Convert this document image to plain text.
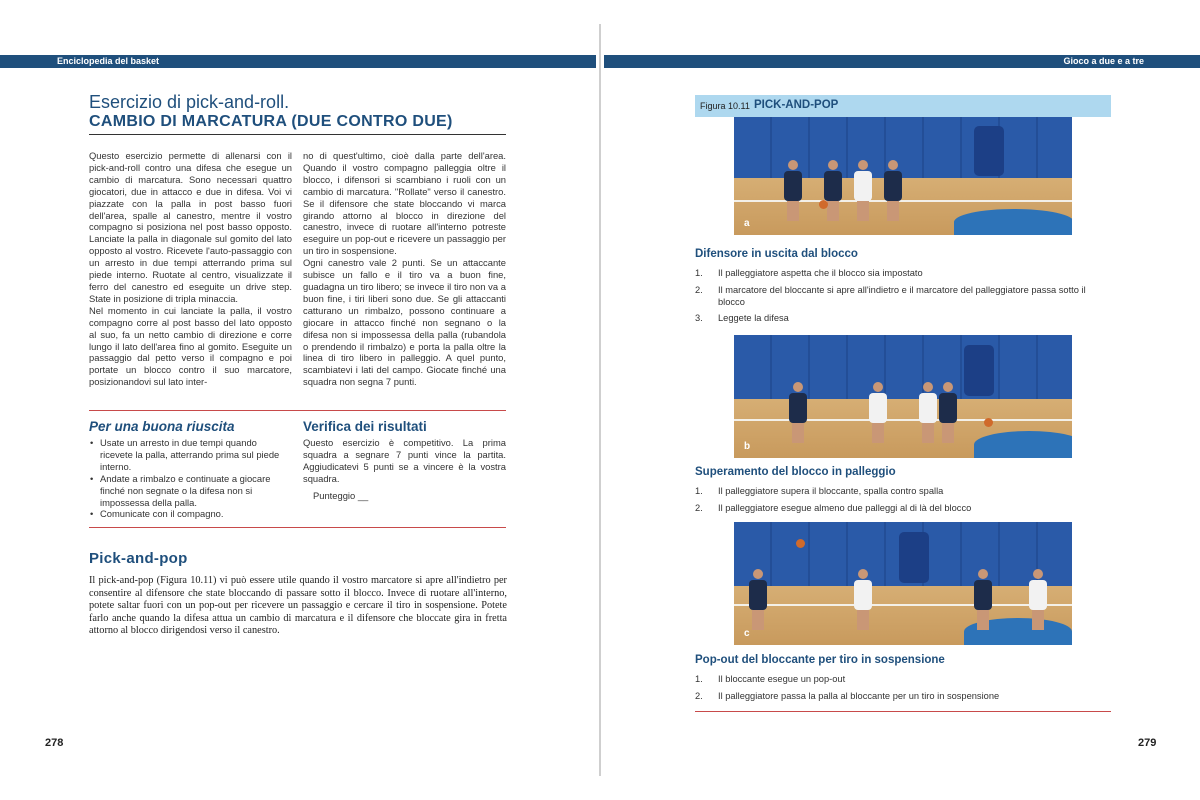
Enciclopedia del basket	Gioco a due e a tre
Esercizio di pick-and-roll.
CAMBIO DI MARCATURA (DUE CONTRO DUE)

Questo esercizio permette di allenarsi con il pick-and-roll contro una difesa che esegue un cambio di marcatura. Sono necessari quattro giocatori, due in attacco e due in difesa. Voi vi piazzate con la palla in post basso fuori dell'area, spalle al canestro, mentre il vostro compagno si posiziona nel post basso opposto. Lanciate la palla in diagonale sul gomito del lato opposto al vostro. Ricevete l'auto-passaggio con un arresto in due tempi atterrando prima sul piede interno. Ruotate al centro, visualizzate il ferro del canestro ed eseguite un drive step. State in posizione di tripla minaccia.

Nel momento in cui lanciate la palla, il vostro compagno corre al post basso del lato opposto al suo, fa un netto cambio di direzione e corre lungo il lato dell'area fino al gomito. Eseguite un passaggio dal petto verso il compagno e poi portate un blocco contro il suo marcatore, posizionandovi sul lato inter-

no di quest'ultimo, cioè dalla parte dell'area. Quando il vostro compagno palleggia oltre il blocco, i difensori si scambiano i ruoli con un cambio di marcatura. "Rollate" verso il canestro. Se il difensore che state bloccando vi marca girando attorno al blocco in direzione del canestro, invece di ruotare all'interno potreste eseguire un pop-out e ricevere un passaggio per un tiro in sospensione.

Ogni canestro vale 2 punti. Se un attaccante subisce un fallo e il tiro va a buon fine, guadagna un tiro libero; se invece il tiro non va a buon fine, i tiri liberi sono due. Se gli attaccanti catturano un rimbalzo, possono continuare a giocare in attacco finché non segnano o la difesa non si impossessa della palla (rubandola o prendendo il rimbalzo) e porta la palla oltre la linea di tiro libero in palleggio. A quel punto, scambiatevi i lati del campo. Giocate finché una squadra non segna 7 punti.

Per una buona riuscita
• Usate un arresto in due tempi quando ricevete la palla, atterrando prima sul piede interno.
• Andate a rimbalzo e continuate a giocare finché non segnate o la difesa non si impossessa della palla.
• Comunicate con il compagno.
Verifica dei risultati

Questo esercizio è competitivo. La prima squadra a segnare 7 punti vince la partita. Aggiudicatevi 5 punti se a vincere è la vostra squadra.

Punteggio __

Pick-and-pop

Il pick-and-pop (Figura 10.11) vi può essere utile quando il vostro marcatore si apre all'indietro per consentire al difensore che state bloccando di passare sotto il blocco. Invece di ruotare all'interno, potete saltar fuori con un pop-out per ricevere un passaggio e cercare il tiro in sospensione. Potete farlo anche quando la difesa attua un cambio di marcatura e il difensore che bloccate gira in fretta attorno al blocco dirigendosi verso il canestro.

278
Figura 10.11 PICK-AND-POP
a
Difensore in uscita dal blocco
1. Il palleggiatore aspetta che il blocco sia impostato
2. Il marcatore del bloccante si apre all'indietro e il marcatore del palleggiatore passa sotto il blocco
3. Leggete la difesa
b
Superamento del blocco in palleggio
1. Il palleggiatore supera il bloccante, spalla contro spalla
2. Il palleggiatore esegue almeno due palleggi al di là del blocco
c
Pop-out del bloccante per tiro in sospensione
1. Il bloccante esegue un pop-out
2. Il palleggiatore passa la palla al bloccante per un tiro in sospensione
279
